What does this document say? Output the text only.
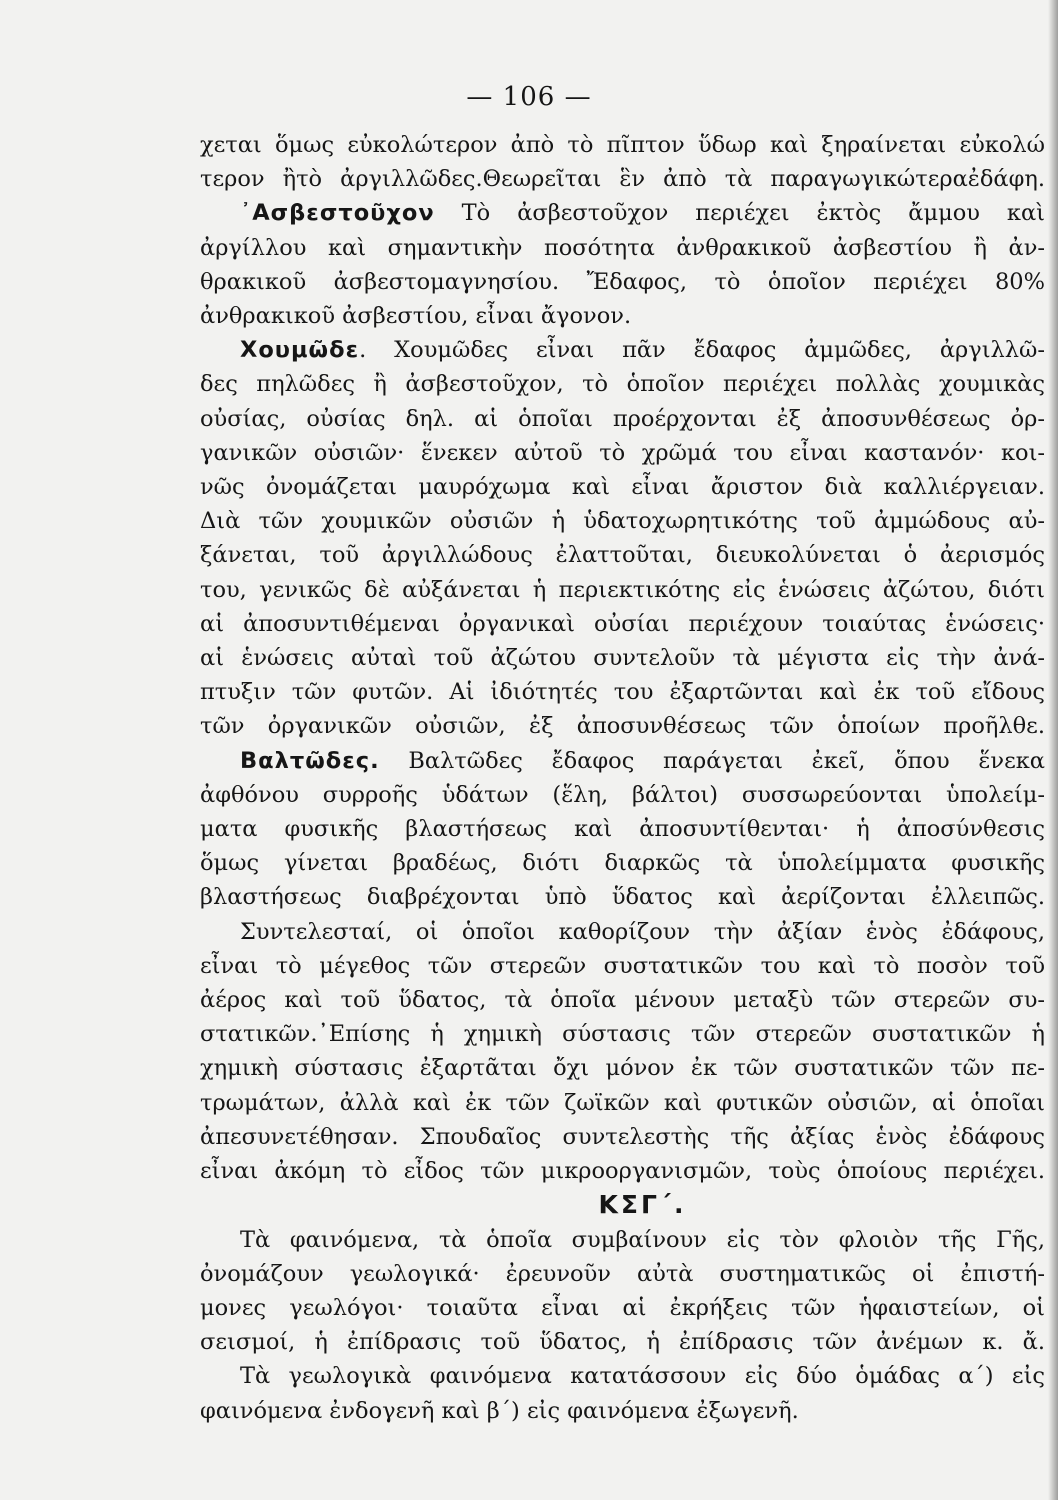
— 106 —
χεται ὅμως εὐκολώτερον ἀπὸ τὸ πῖπτον ὕδωρ καὶ ξηραίνεται εὐκολώ
τερον ἢτὸ ἀργιλλῶδες.Θεωρεῖται ἓν ἀπὸ τὰ παραγωγικώτεραἐδάφη.
᾿Ασβεστοῦχον Τὸ ἀσβεστοῦχον περιέχει ἐκτὸς ἄμμου καὶ
ἀργίλλου καὶ σημαντικὴν ποσότητα ἀνθρακικοῦ ἀσβεστίου ἢ ἀν-
θρακικοῦ ἀσβεστομαγνησίου. Ἔδαφος, τὸ ὁποῖον περιέχει 80%
ἀνθρακικοῦ ἀσβεστίου, εἶναι ἄγονον.
Χουμῶδε. Χουμῶδες εἶναι πᾶν ἔδαφος ἀμμῶδες, ἀργιλλῶ-
δες πηλῶδες ἢ ἀσβεστοῦχον, τὸ ὁποῖον περιέχει πολλὰς χουμικὰς
οὐσίας, οὐσίας δηλ. αἱ ὁποῖαι προέρχονται ἐξ ἀποσυνθέσεως ὀρ-
γανικῶν οὐσιῶν· ἕνεκεν αὐτοῦ τὸ χρῶμά του εἶναι καστανόν· κοι-
νῶς ὀνομάζεται μαυρόχωμα καὶ εἶναι ἄριστον διὰ καλλιέργειαν.
Διὰ τῶν χουμικῶν οὐσιῶν ἡ ὑδατοχωρητικότης τοῦ ἀμμώδους αὐ-
ξάνεται, τοῦ ἀργιλλώδους ἐλαττοῦται, διευκολύνεται ὁ ἀερισμός
του, γενικῶς δὲ αὐξάνεται ἡ περιεκτικότης εἰς ἑνώσεις ἀζώτου, διότι
αἱ ἀποσυντιθέμεναι ὀργανικαὶ οὐσίαι περιέχουν τοιαύτας ἑνώσεις·
αἱ ἑνώσεις αὐταὶ τοῦ ἀζώτου συντελοῦν τὰ μέγιστα εἰς τὴν ἀνά-
πτυξιν τῶν φυτῶν. Αἱ ἰδιότητές του ἐξαρτῶνται καὶ ἐκ τοῦ εἴδους
τῶν ὀργανικῶν οὐσιῶν, ἐξ ἀποσυνθέσεως τῶν ὁποίων προῆλθε.
Βαλτῶδες. Βαλτῶδες ἔδαφος παράγεται ἐκεῖ, ὅπου ἕνεκα
ἀφθόνου συρροῆς ὑδάτων (ἕλη, βάλτοι) συσσωρεύονται ὑπολείμ-
ματα φυσικῆς βλαστήσεως καὶ ἀποσυντίθενται· ἡ ἀποσύνθεσις
ὅμως γίνεται βραδέως, διότι διαρκῶς τὰ ὑπολείμματα φυσικῆς
βλαστήσεως διαβρέχονται ὑπὸ ὕδατος καὶ ἀερίζονται ἐλλειπῶς.
Συντελεσταί, οἱ ὁποῖοι καθορίζουν τὴν ἀξίαν ἑνὸς ἐδάφους,
εἶναι τὸ μέγεθος τῶν στερεῶν συστατικῶν του καὶ τὸ ποσὸν τοῦ
ἀέρος καὶ τοῦ ὕδατος, τὰ ὁποῖα μένουν μεταξὺ τῶν στερεῶν συ-
στατικῶν.᾿Επίσης ἡ χημικὴ σύστασις τῶν στερεῶν συστατικῶν ἡ
χημικὴ σύστασις ἐξαρτᾶται ὄχι μόνον ἐκ τῶν συστατικῶν τῶν πε-
τρωμάτων, ἀλλὰ καὶ ἐκ τῶν ζωϊκῶν καὶ φυτικῶν οὐσιῶν, αἱ ὁποῖαι
ἀπεσυνετέθησαν. Σπουδαῖος συντελεστὴς τῆς ἀξίας ἑνὸς ἐδάφους
εἶναι ἀκόμη τὸ εἶδος τῶν μικροοργανισμῶν, τοὺς ὁποίους περιέχει.
ΚΣΓ΄.
Τὰ φαινόμενα, τὰ ὁποῖα συμβαίνουν εἰς τὸν φλοιὸν τῆς Γῆς,
ὀνομάζουν γεωλογικά· ἐρευνοῦν αὐτὰ συστηματικῶς οἱ ἐπιστή-
μονες γεωλόγοι· τοιαῦτα εἶναι αἱ ἐκρήξεις τῶν ἡφαιστείων, οἱ
σεισμοί, ἡ ἐπίδρασις τοῦ ὕδατος, ἡ ἐπίδρασις τῶν ἀνέμων κ. ἄ.
Τὰ γεωλογικὰ φαινόμενα κατατάσσουν εἰς δύο ὁμάδας α΄) εἰς
φαινόμενα ἐνδογενῆ καὶ β΄) εἰς φαινόμενα ἐξωγενῆ.
